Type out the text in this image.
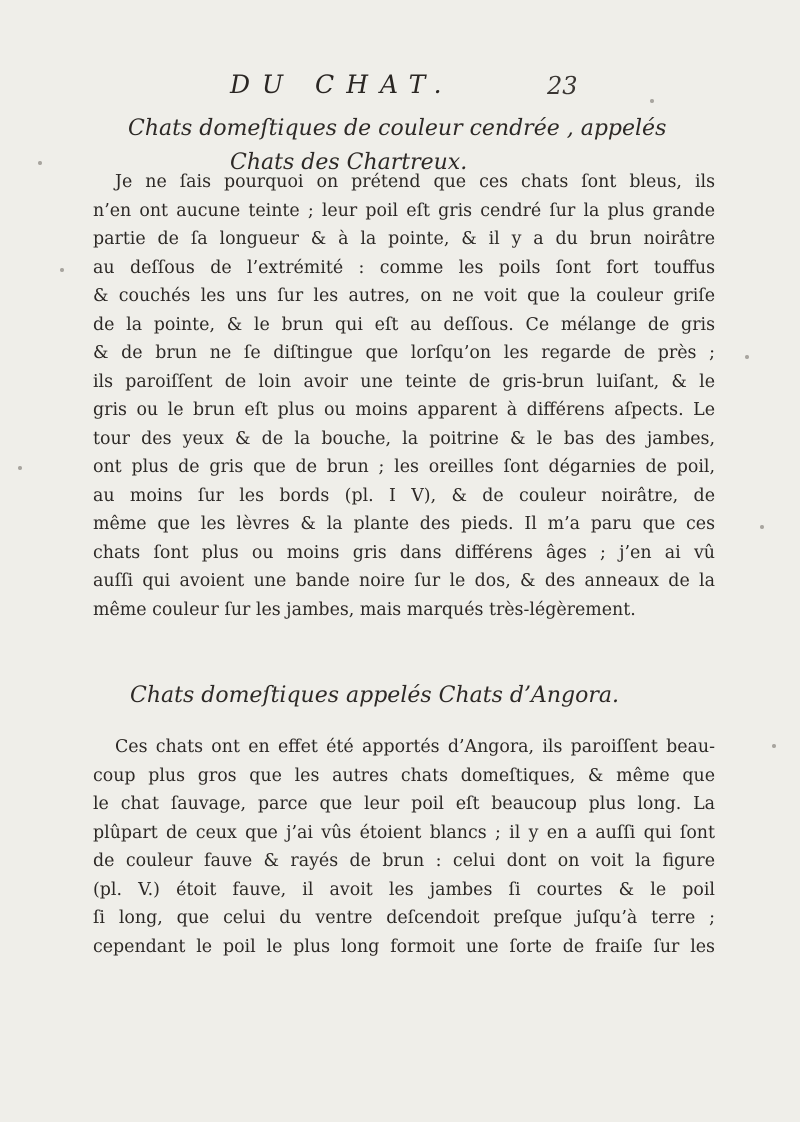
DU CHAT.	23
Chats domeſtiques de couleur cendrée , appelés
Chats des Chartreux.
Je ne ſais pourquoi on prétend que ces chats ſont bleus, ils
n’en ont aucune teinte ; leur poil eſt gris cendré ſur la plus grande
partie de ſa longueur & à la pointe, & il y a du brun noirâtre
au deſſous de l’extrémité : comme les poils ſont fort touffus
& couchés les uns ſur les autres, on ne voit que la couleur griſe
de la pointe, & le brun qui eſt au deſſous. Ce mélange de gris
& de brun ne ſe diſtingue que lorſqu’on les regarde de près ;
ils paroiſſent de loin avoir une teinte de gris-brun luiſant, & le
gris ou le brun eſt plus ou moins apparent à différens aſpects. Le
tour des yeux & de la bouche, la poitrine & le bas des jambes,
ont plus de gris que de brun ; les oreilles ſont dégarnies de poil,
au moins ſur les bords (pl. I V), & de couleur noirâtre, de
même que les lèvres & la plante des pieds. Il m’a paru que ces
chats ſont plus ou moins gris dans différens âges ; j’en ai vû
auſſi qui avoient une bande noire ſur le dos, & des anneaux de la
même couleur ſur les jambes, mais marqués très-légèrement.
Chats domeſtiques appelés Chats d’Angora.
Ces chats ont en effet été apportés d’Angora, ils paroiſſent beau-
coup plus gros que les autres chats domeſtiques, & même que
le chat ſauvage, parce que leur poil eſt beaucoup plus long. La
plûpart de ceux que j’ai vûs étoient blancs ; il y en a auſſi qui ſont
de couleur fauve & rayés de brun : celui dont on voit la figure
(pl. V.) étoit fauve, il avoit les jambes ſi courtes & le poil
ſi long, que celui du ventre deſcendoit preſque juſqu’à terre ;
cependant le poil le plus long formoit une ſorte de fraiſe ſur les
